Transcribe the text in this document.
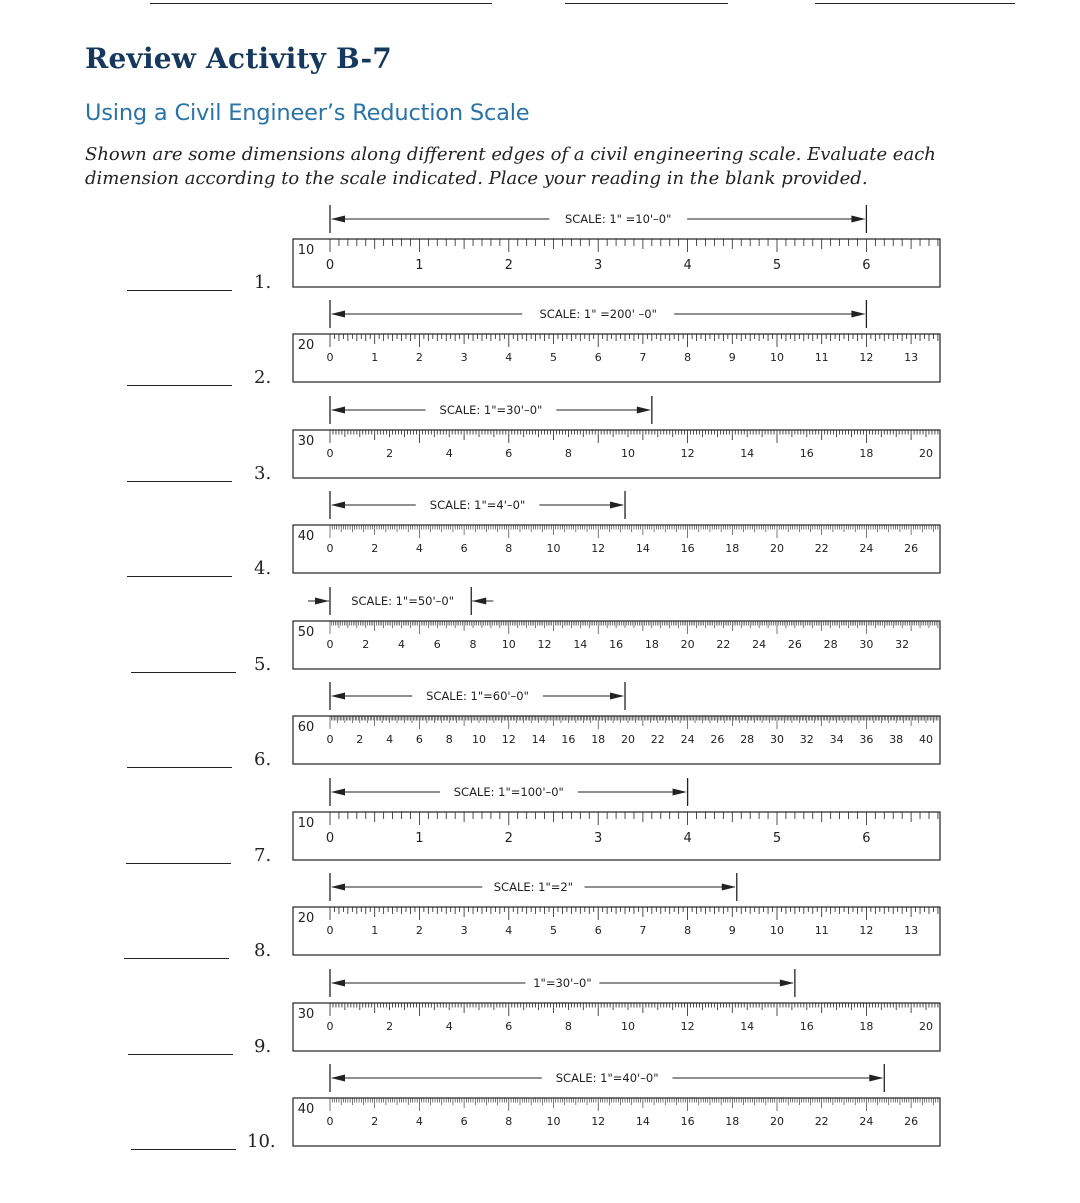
Review Activity B-7
Using a Civil Engineer’s Reduction Scale

Shown are some dimensions along different edges of a civil engineering scale. Evaluate each dimension according to the scale indicated. Place your reading in the blank provided.

1.
SCALE: 1" =10'–0"
10
0	1	2	3	4	5	6
2.
SCALE: 1" =200' –0"
20
0	1	2	3	4	5	6	7	8	9	10	11	12	13
3.
SCALE: 1"=30'–0"
30
0	2	4	6	8	10	12	14	16	18	20
4.
SCALE: 1"=4'–0"
40
0	2	4	6	8	10	12	14	16	18	20	22	24	26
5.
SCALE: 1"=50'–0"
50
0	2	4	6	8 10 12 14 16 18 20 22 24 26 28 30 32
6.
SCALE: 1"=60'–0"
60
0 2 4 6 8 10 12 14 16 18 20 22 24 26 28 30 32 34 36 38 40
7.
SCALE: 1"=100'–0"
10
0	1	2	3	4	5	6
8.
SCALE: 1"=2"
20
0	1	2	3	4	5	6	7	8	9	10	11	12	13
9.
1"=30'–0"
30
0	2	4	6	8	10	12	14	16	18	20
10.
SCALE: 1"=40'–0"
40
0	2	4	6	8	10	12	14	16	18	20	22	24	26
